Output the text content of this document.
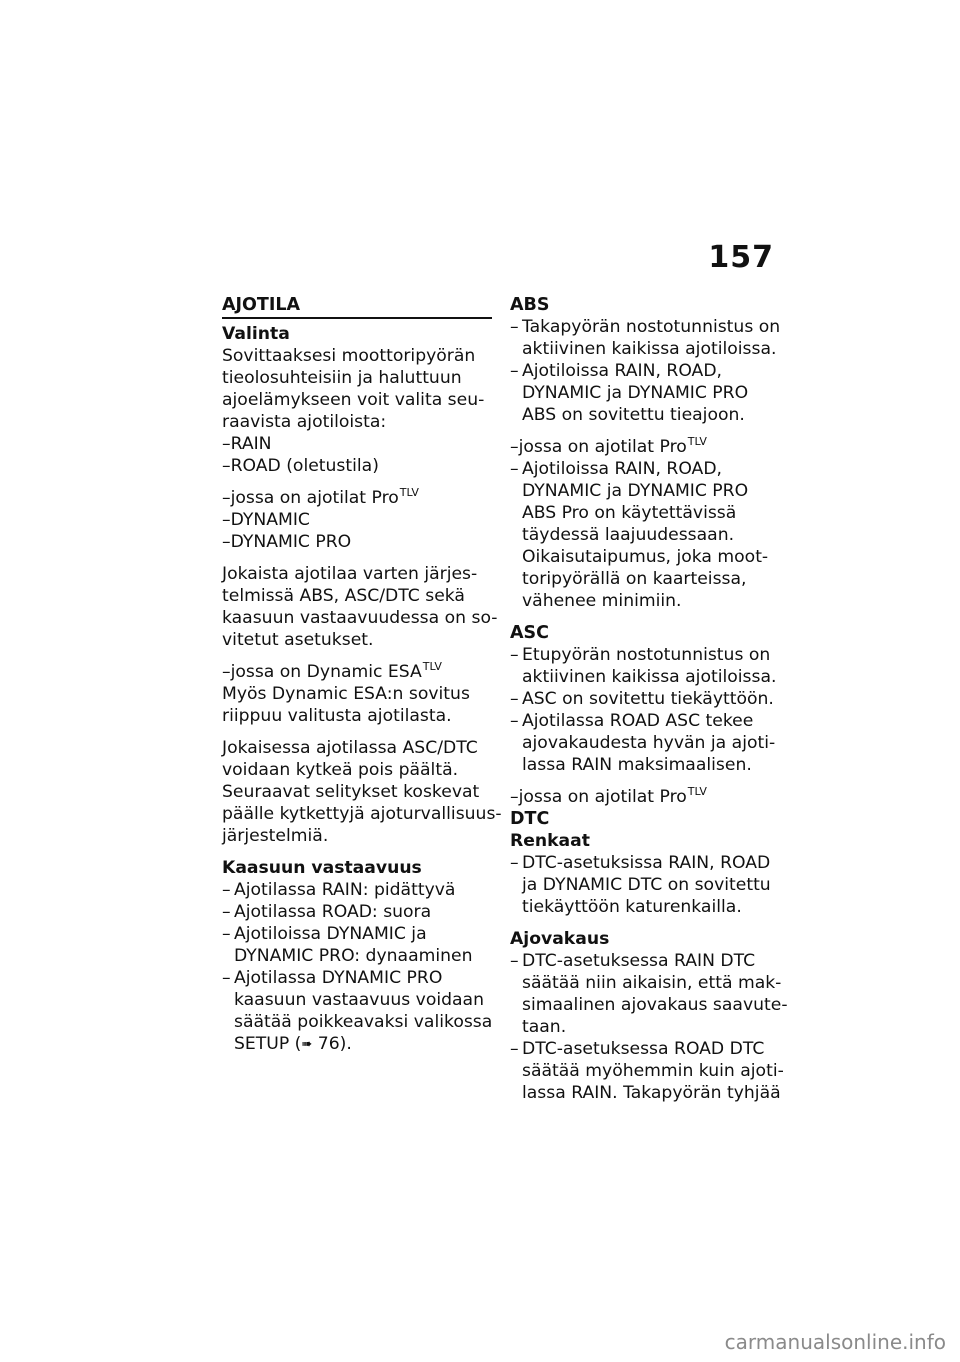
157
AJOTILA
Valinta
Sovittaaksesi moottoripyörän
tieolosuhteisiin ja haluttuun
ajoelämykseen voit valita seu-
raavista ajotiloista:
– RAIN
– ROAD (oletustila)
–jossa on ajotilat Pro$^{TLV}$
– DYNAMIC
– DYNAMIC PRO
Jokaista ajotilaa varten järjes-
telmissä ABS, ASC/DTC sekä
kaasuun vastaavuudessa on so-
vitetut asetukset.
–jossa on Dynamic $ESA^{TLV}$
Myös Dynamic ESA:n sovitus
riippuu valitusta ajotilasta.
Jokaisessa ajotilassa ASC/DTC
voidaan kytkeä pois päältä.
Seuraavat selitykset koskevat
päälle kytkettyjä ajoturvallisuus-
järjestelmiä.
Kaasuun vastaavuus
– Ajotilassa RAIN: pidättyvä
– Ajotilassa ROAD: suora
– Ajotiloissa DYNAMIC ja
DYNAMIC PRO: dynaaminen
– Ajotilassa DYNAMIC PRO
kaasuun vastaavuus voidaan
säätää poikkeavaksi valikossa
SETUP (➠ 76).
ABS
– Takapyörän nostotunnistus on
aktiivinen kaikissa ajotiloissa.
– Ajotiloissa RAIN, ROAD,
DYNAMIC ja DYNAMIC PRO
ABS on sovitettu tieajoon.
–jossa on ajotilat Pro$^{TLV}$
– Ajotiloissa RAIN, ROAD,
DYNAMIC ja DYNAMIC PRO
ABS Pro on käytettävissä
täydessä laajuudessaan.
Oikaisutaipumus, joka moot-
toripyörällä on kaarteissa,
vähenee minimiin.
ASC
– Etupyörän nostotunnistus on
aktiivinen kaikissa ajotiloissa.
– ASC on sovitettu tiekäyttöön.
– Ajotilassa ROAD ASC tekee
ajovakaudesta hyvän ja ajoti-
lassa RAIN maksimaalisen.
–jossa on ajotilat Pro$^{TLV}$
DTC
Renkaat
– DTC-asetuksissa RAIN, ROAD
ja DYNAMIC DTC on sovitettu
tiekäyttöön katurenkailla.
Ajovakaus
– DTC-asetuksessa RAIN DTC
säätää niin aikaisin, että mak-
simaalinen ajovakaus saavute-
taan.
– DTC-asetuksessa ROAD DTC
säätää myöhemmin kuin ajoti-
lassa RAIN. Takapyörän tyhjää
carmanualsonline.info
